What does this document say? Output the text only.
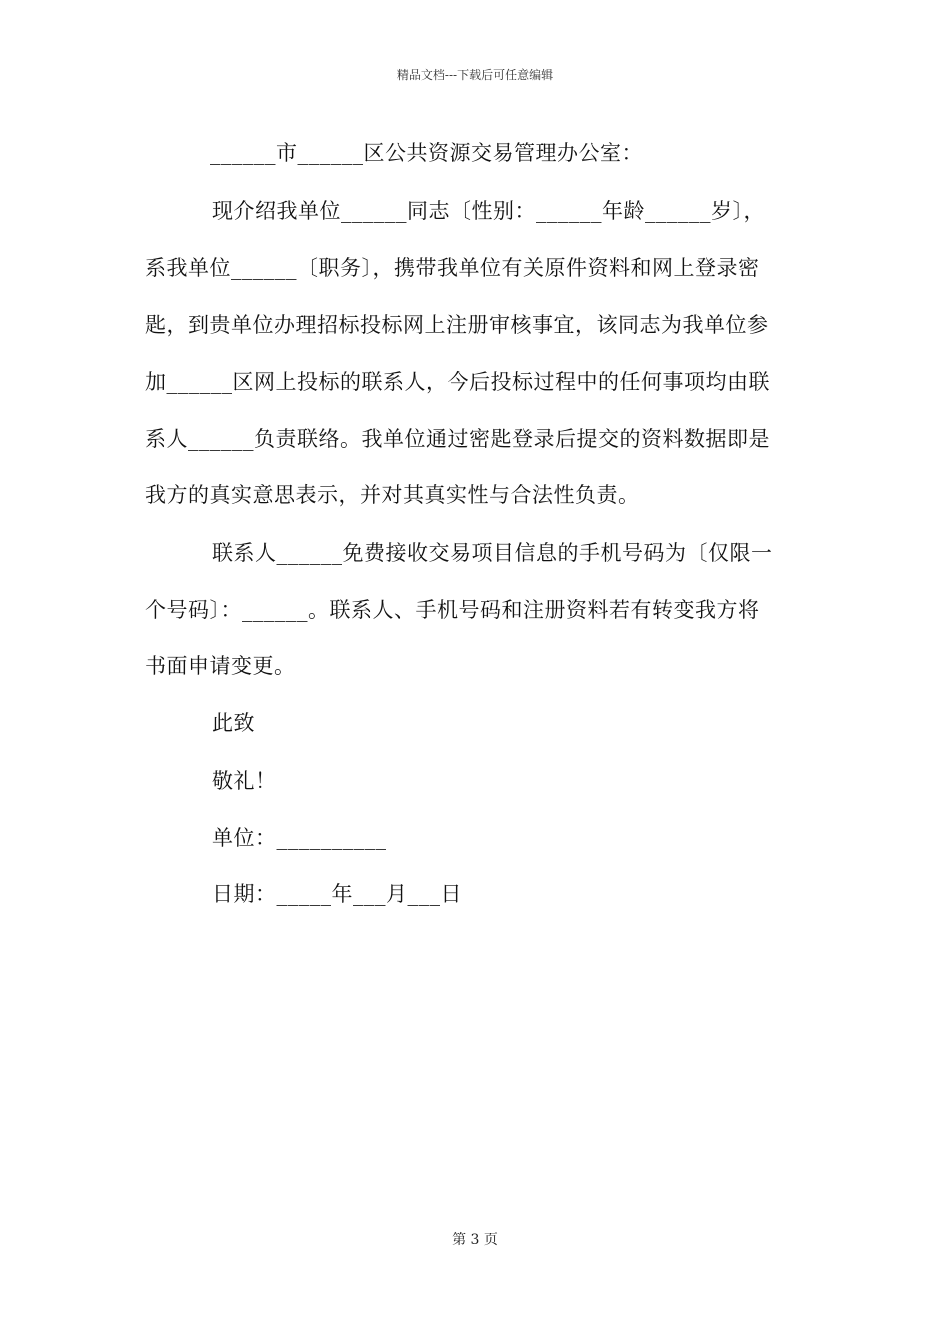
精品文档---下载后可任意编辑
______市______区公共资源交易管理办公室：
现介绍我单位______同志〔性别：______年龄______岁〕，
系我单位______〔职务〕，携带我单位有关原件资料和网上登录密
匙，到贵单位办理招标投标网上注册审核事宜，该同志为我单位参
加______区网上投标的联系人，今后投标过程中的任何事项均由联
系人______负责联络。我单位通过密匙登录后提交的资料数据即是
我方的真实意思表示，并对其真实性与合法性负责。
联系人______免费接收交易项目信息的手机号码为〔仅限一
个号码〕：______。联系人、手机号码和注册资料若有转变我方将
书面申请变更。
此致
敬礼！
单位：__________
日期：_____年___月___日
第 3 页
